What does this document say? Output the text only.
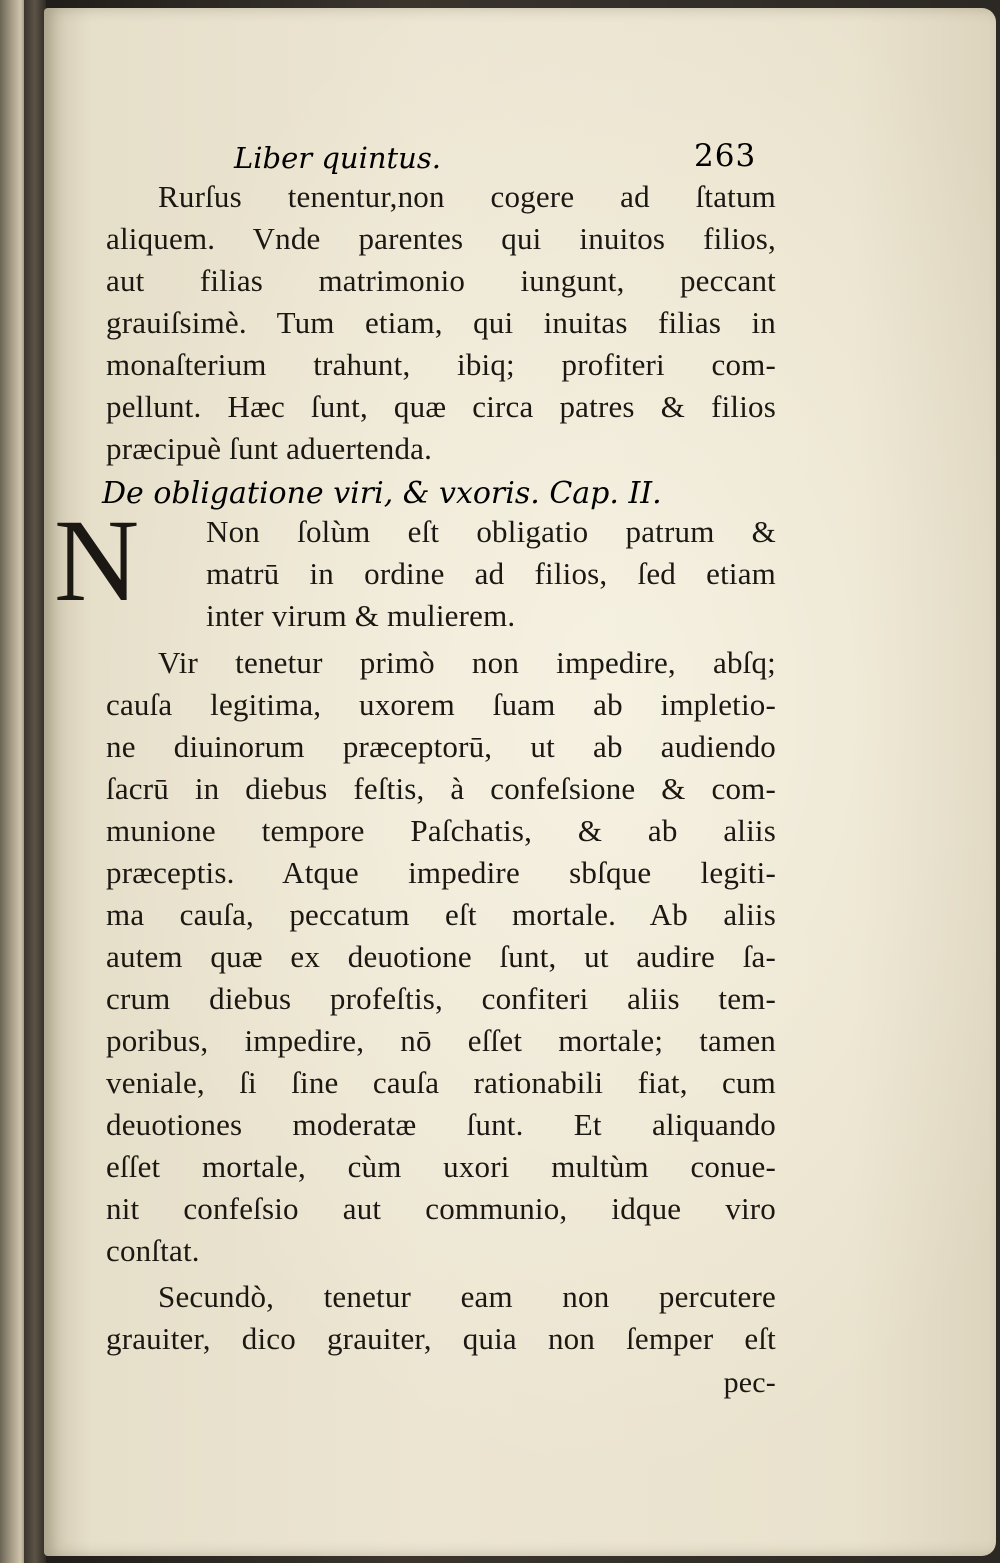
Liber quintus.	263
Rurſus tenentur,non cogere ad ſtatum
aliquem. Vnde parentes qui inuitos filios,
aut filias matrimonio iungunt, peccant
grauiſsimè. Tum etiam, qui inuitas filias in
monaſterium trahunt, ibiq; profiteri com-
pellunt. Hæc ſunt, quæ circa patres & filios
præcipuè ſunt aduertenda.
De obligatione viri, & vxoris. Cap. II.
N Non ſolùm eſt obligatio patrum &
matrū in ordine ad filios, ſed etiam
inter virum & mulierem.
Vir tenetur primò non impedire, abſq;
cauſa legitima, uxorem ſuam ab impletio-
ne diuinorum præceptorū, ut ab audiendo
ſacrū in diebus feſtis, à confeſsione & com-
munione tempore Paſchatis, & ab aliis
præceptis. Atque impedire sbſque legiti-
ma cauſa, peccatum eſt mortale. Ab aliis
autem quæ ex deuotione ſunt, ut audire ſa-
crum diebus profeſtis, confiteri aliis tem-
poribus, impedire, nō eſſet mortale; tamen
veniale, ſi ſine cauſa rationabili fiat, cum
deuotiones moderatæ ſunt. Et aliquando
eſſet mortale, cùm uxori multùm conue-
nit confeſsio aut communio, idque viro
conſtat.
Secundò, tenetur eam non percutere
grauiter, dico grauiter, quia non ſemper eſt
pec-
